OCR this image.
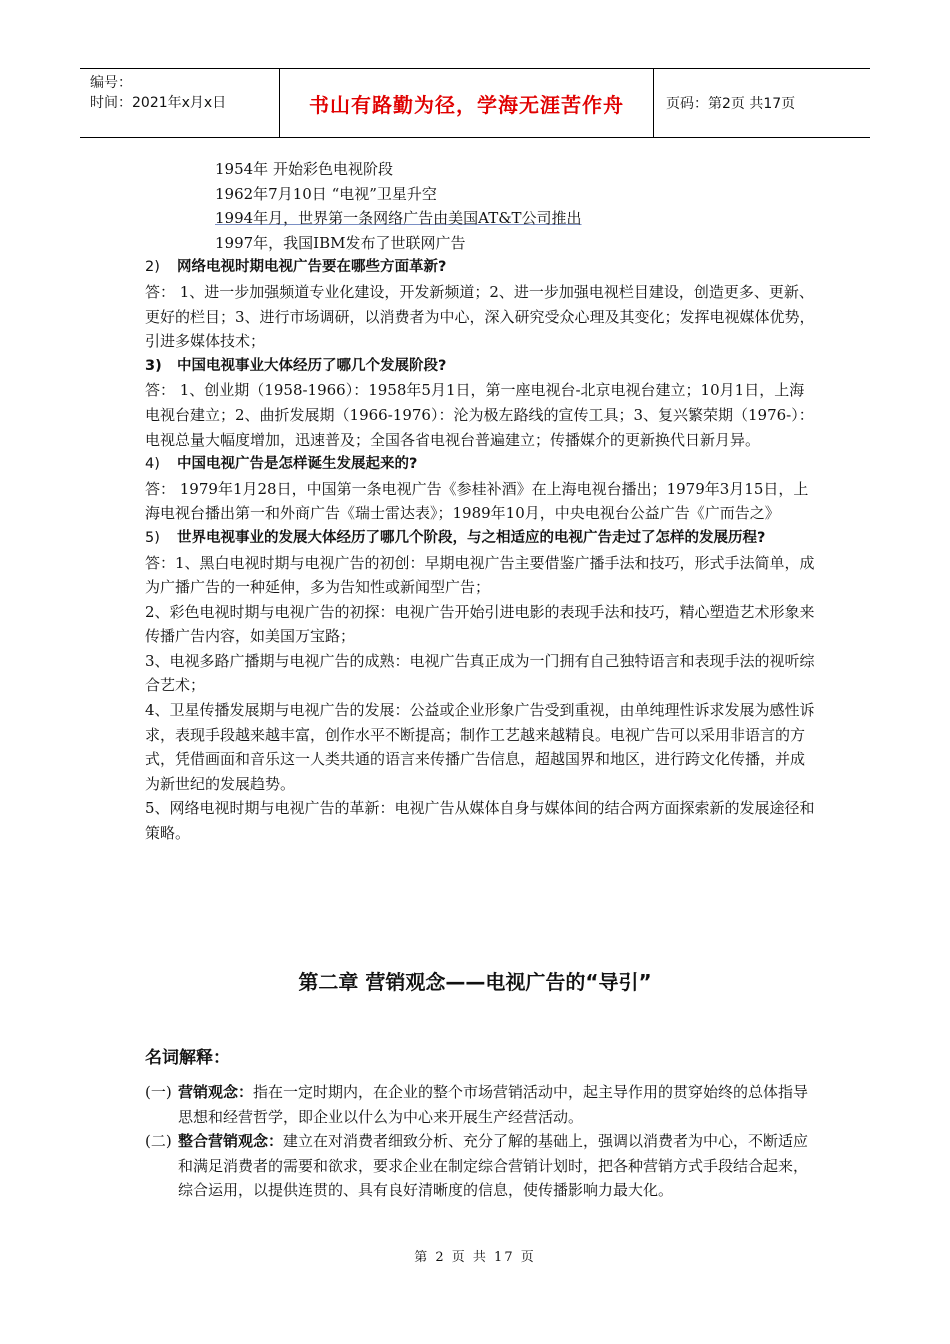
编号：
时间：2021年x月x日	书山有路勤为径，学海无涯苦作舟	页码：第2页 共17页
1954年 开始彩色电视阶段
1962年7月10日 “电视”卫星升空
1994年月，世界第一条网络广告由美国AT&T公司推出
1997年，我国IBM发布了世联网广告
2)	网络电视时期电视广告要在哪些方面革新?
答： 1、进一步加强频道专业化建设，开发新频道；2、进一步加强电视栏目建设，创造更多、更新、更好的栏目；3、进行市场调研，以消费者为中心，深入研究受众心理及其变化；发挥电视媒体优势，引进多媒体技术；
3)	中国电视事业大体经历了哪几个发展阶段?
答： 1、创业期（1958-1966）：1958年5月1日，第一座电视台-北京电视台建立；10月1日，上海电视台建立；2、曲折发展期（1966-1976）：沦为极左路线的宣传工具；3、复兴繁荣期（1976-）：电视总量大幅度增加，迅速普及；全国各省电视台普遍建立；传播媒介的更新换代日新月异。
4)	中国电视广告是怎样诞生发展起来的?
答： 1979年1月28日，中国第一条电视广告《参桂补酒》在上海电视台播出；1979年3月15日，上海电视台播出第一和外商广告《瑞士雷达表》；1989年10月，中央电视台公益广告《广而告之》
5)	世界电视事业的发展大体经历了哪几个阶段，与之相适应的电视广告走过了怎样的发展历程?
答：1、黑白电视时期与电视广告的初创：早期电视广告主要借鉴广播手法和技巧，形式手法简单，成为广播广告的一种延伸，多为告知性或新闻型广告；
2、彩色电视时期与电视广告的初探：电视广告开始引进电影的表现手法和技巧，精心塑造艺术形象来传播广告内容，如美国万宝路；
3、电视多路广播期与电视广告的成熟：电视广告真正成为一门拥有自己独特语言和表现手法的视听综合艺术；
4、卫星传播发展期与电视广告的发展：公益或企业形象广告受到重视，由单纯理性诉求发展为感性诉求，表现手段越来越丰富，创作水平不断提高；制作工艺越来越精良。电视广告可以采用非语言的方式，凭借画面和音乐这一人类共通的语言来传播广告信息，超越国界和地区，进行跨文化传播，并成为新世纪的发展趋势。
5、网络电视时期与电视广告的革新：电视广告从媒体自身与媒体间的结合两方面探索新的发展途径和策略。
第二章 营销观念——电视广告的“导引”
名词解释：
(一) 营销观念：指在一定时期内，在企业的整个市场营销活动中，起主导作用的贯穿始终的总体指导思想和经营哲学，即企业以什么为中心来开展生产经营活动。
(二) 整合营销观念：建立在对消费者细致分析、充分了解的基础上，强调以消费者为中心，不断适应和满足消费者的需要和欲求，要求企业在制定综合营销计划时，把各种营销方式手段结合起来，综合运用，以提供连贯的、具有良好清晰度的信息，使传播影响力最大化。
第 2 页 共 17 页
